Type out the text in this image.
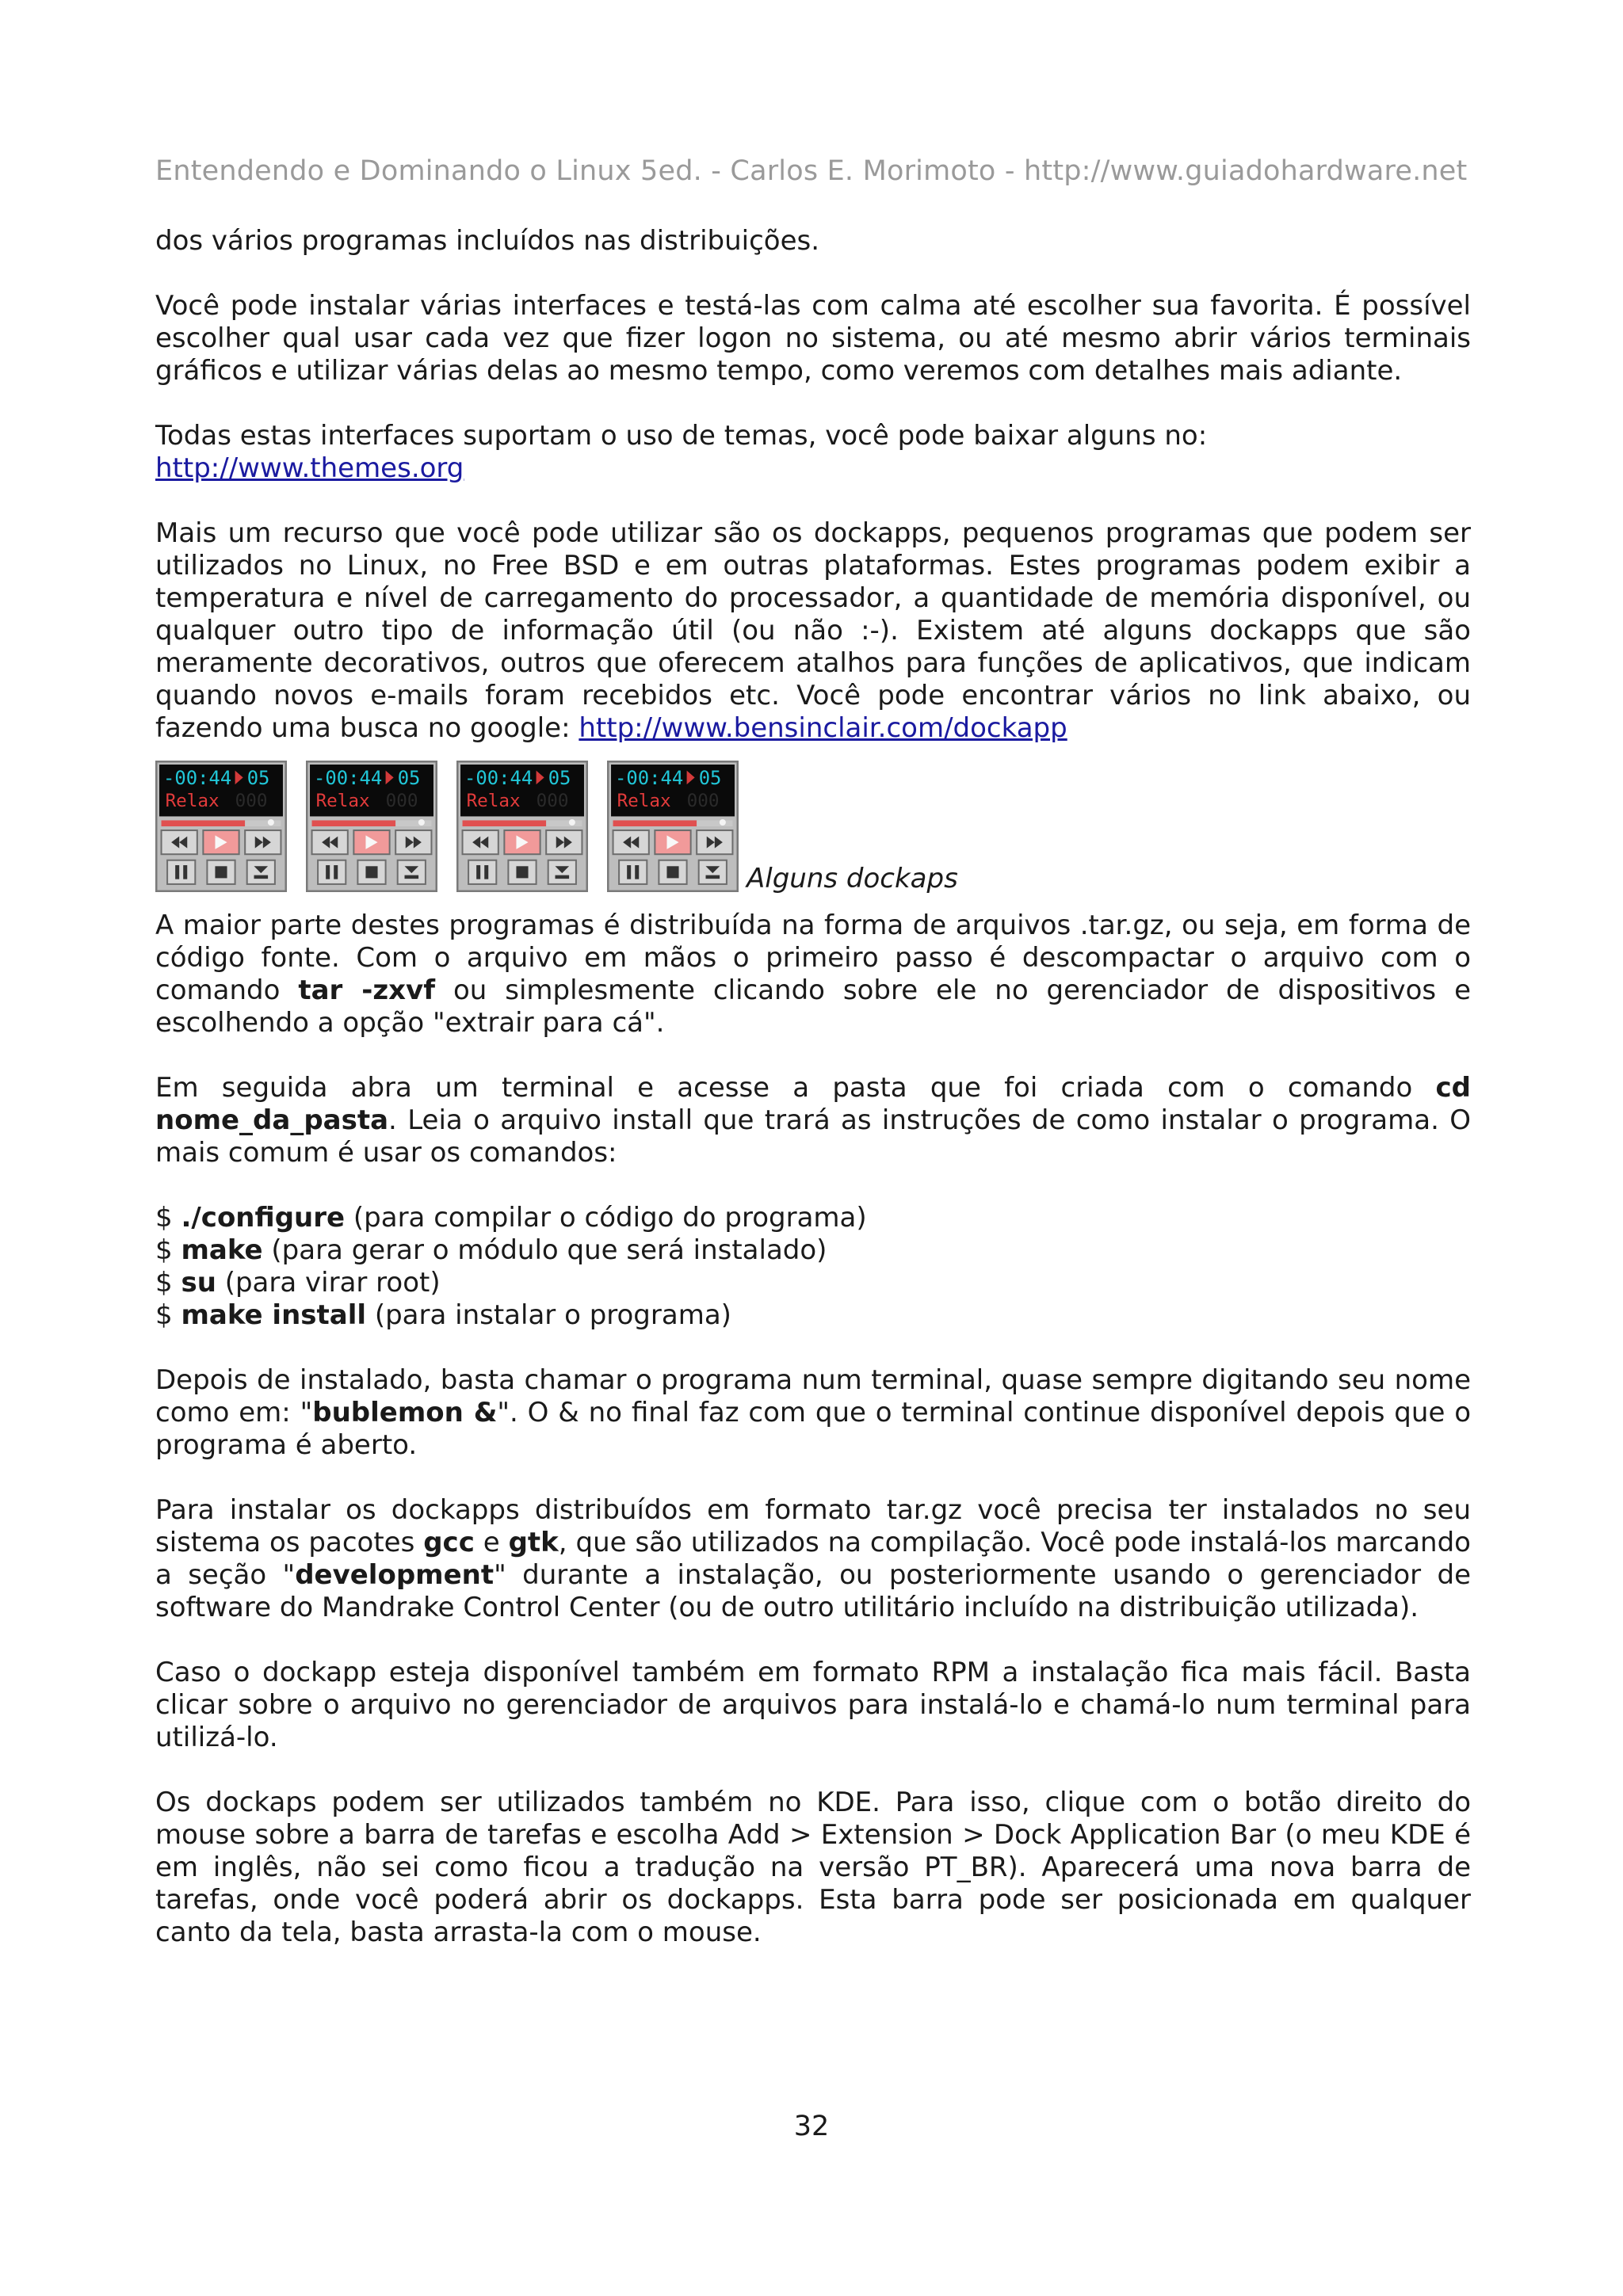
Entendendo e Dominando o Linux 5ed. - Carlos E. Morimoto - http://www.guiadohardware.net

dos vários programas incluídos nas distribuições.

Você pode instalar várias interfaces e testá-las com calma até escolher sua favorita. É possível escolher qual usar cada vez que fizer logon no sistema, ou até mesmo abrir vários terminais gráficos e utilizar várias delas ao mesmo tempo, como veremos com detalhes mais adiante.

Todas estas interfaces suportam o uso de temas, você pode baixar alguns no:
http://www.themes.org

Mais um recurso que você pode utilizar são os dockapps, pequenos programas que podem ser utilizados no Linux, no Free BSD e em outras plataformas. Estes programas podem exibir a temperatura e nível de carregamento do processador, a quantidade de memória disponível, ou qualquer outro tipo de informação útil (ou não :-). Existem até alguns dockapps que são meramente decorativos, outros que oferecem atalhos para funções de aplicativos, que indicam quando novos e-mails foram recebidos etc. Você pode encontrar vários no link abaixo, ou fazendo uma busca no google: http://www.bensinclair.com/dockapp

Alguns dockaps

A maior parte destes programas é distribuída na forma de arquivos .tar.gz, ou seja, em forma de código fonte. Com o arquivo em mãos o primeiro passo é descompactar o arquivo com o comando tar -zxvf ou simplesmente clicando sobre ele no gerenciador de dispositivos e escolhendo a opção "extrair para cá".

Em seguida abra um terminal e acesse a pasta que foi criada com o comando cd nome_da_pasta. Leia o arquivo install que trará as instruções de como instalar o programa. O mais comum é usar os comandos:

$ ./configure (para compilar o código do programa)

$ make (para gerar o módulo que será instalado)

$ su (para virar root)

$ make install (para instalar o programa)

Depois de instalado, basta chamar o programa num terminal, quase sempre digitando seu nome como em: "bublemon &". O & no final faz com que o terminal continue disponível depois que o programa é aberto.

Para instalar os dockapps distribuídos em formato tar.gz você precisa ter instalados no seu sistema os pacotes gcc e gtk, que são utilizados na compilação. Você pode instalá-los marcando a seção "development" durante a instalação, ou posteriormente usando o gerenciador de software do Mandrake Control Center (ou de outro utilitário incluído na distribuição utilizada).

Caso o dockapp esteja disponível também em formato RPM a instalação fica mais fácil. Basta clicar sobre o arquivo no gerenciador de arquivos para instalá-lo e chamá-lo num terminal para utilizá-lo.

Os dockaps podem ser utilizados também no KDE. Para isso, clique com o botão direito do mouse sobre a barra de tarefas e escolha Add > Extension > Dock Application Bar (o meu KDE é em inglês, não sei como ficou a tradução na versão PT_BR). Aparecerá uma nova barra de tarefas, onde você poderá abrir os dockapps. Esta barra pode ser posicionada em qualquer canto da tela, basta arrasta-la com o mouse.

32
